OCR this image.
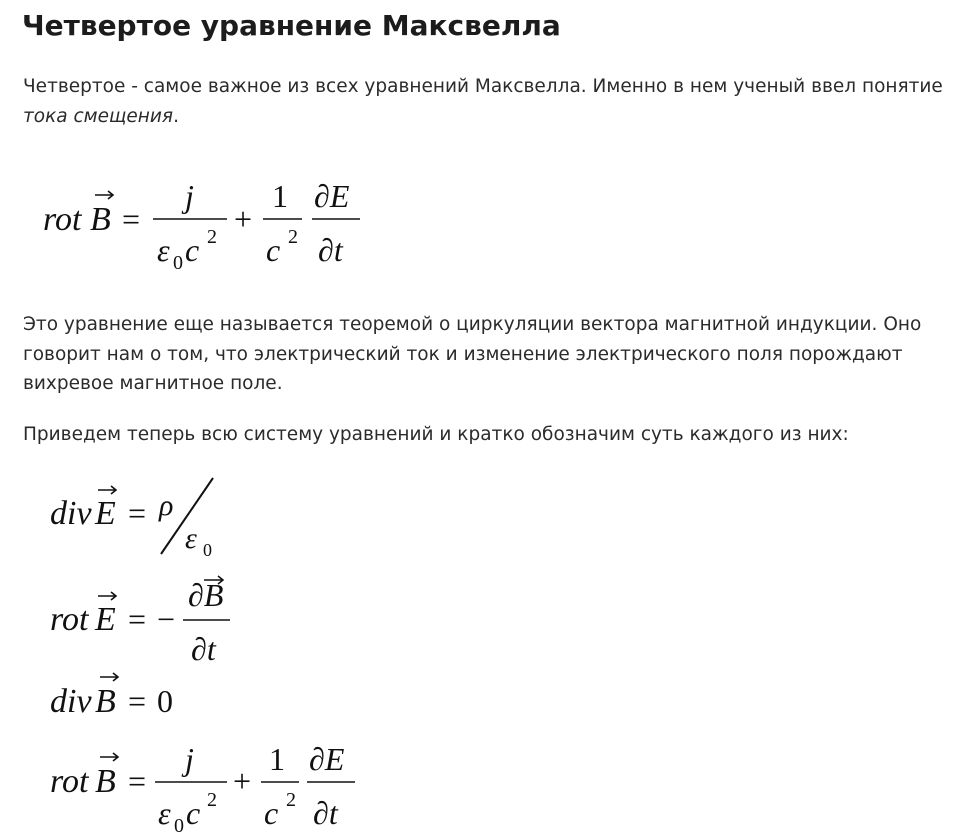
Четвертое уравнение Максвелла

Четвертое - самое важное из всех уравнений Максвелла. Именно в нем ученый ввел понятие тока смещения.

rot B =
j
ε 0 c 2 +
1
c 2
∂E
∂t

Это уравнение еще называется теоремой о циркуляции вектора магнитной индукции. Оно говорит нам о том, что электрический ток и изменение электрического поля порождают вихревое магнитное поле.

Приведем теперь всю систему уравнений и кратко обозначим суть каждого из них:

div E = ρ
ε 0
rot E = −
∂B
∂t
div B = 0
rot B =
j
ε 0 c 2
+
1
c 2
∂E
∂t
